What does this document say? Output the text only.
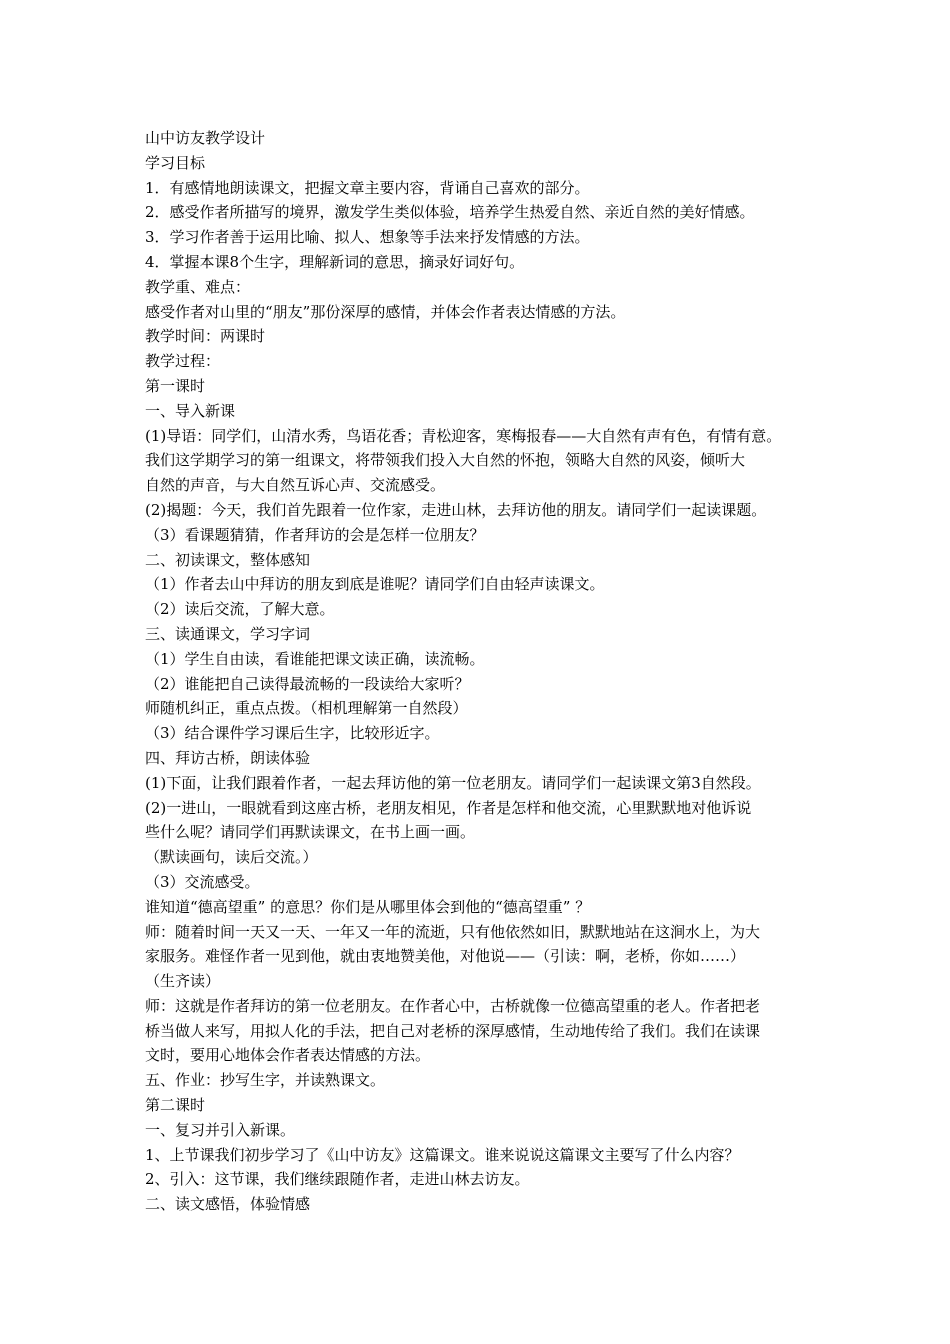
山中访友教学设计
学习目标
1．有感情地朗读课文，把握文章主要内容，背诵自己喜欢的部分。
2．感受作者所描写的境界，激发学生类似体验，培养学生热爱自然、亲近自然的美好情感。
3．学习作者善于运用比喻、拟人、想象等手法来抒发情感的方法。
4．掌握本课8个生字，理解新词的意思，摘录好词好句。
教学重、难点：
感受作者对山里的“朋友”那份深厚的感情，并体会作者表达情感的方法。
教学时间：两课时
教学过程：
第一课时
一、导入新课
(1)导语：同学们，山清水秀，鸟语花香；青松迎客，寒梅报春——大自然有声有色，有情有意。
我们这学期学习的第一组课文，将带领我们投入大自然的怀抱，领略大自然的风姿，倾听大
自然的声音，与大自然互诉心声、交流感受。
(2)揭题：今天，我们首先跟着一位作家，走进山林，去拜访他的朋友。请同学们一起读课题。
（3）看课题猜猜，作者拜访的会是怎样一位朋友？
二、初读课文，整体感知
（1）作者去山中拜访的朋友到底是谁呢？请同学们自由轻声读课文。
（2）读后交流，了解大意。
三、读通课文，学习字词
（1）学生自由读，看谁能把课文读正确，读流畅。
（2）谁能把自己读得最流畅的一段读给大家听？
师随机纠正，重点点拨。（相机理解第一自然段）
（3）结合课件学习课后生字，比较形近字。
四、拜访古桥，朗读体验
(1)下面，让我们跟着作者，一起去拜访他的第一位老朋友。请同学们一起读课文第3自然段。
(2)一进山，一眼就看到这座古桥，老朋友相见，作者是怎样和他交流，心里默默地对他诉说
些什么呢？请同学们再默读课文，在书上画一画。
（默读画句，读后交流。）
（3）交流感受。
谁知道“德高望重” 的意思？你们是从哪里体会到他的“德高望重” ？
师：随着时间一天又一天、一年又一年的流逝，只有他依然如旧，默默地站在这涧水上，为大
家服务。难怪作者一见到他，就由衷地赞美他，对他说——（引读：啊，老桥，你如……）
（生齐读）
师：这就是作者拜访的第一位老朋友。在作者心中，古桥就像一位德高望重的老人。作者把老
桥当做人来写，用拟人化的手法，把自己对老桥的深厚感情，生动地传给了我们。我们在读课
文时，要用心地体会作者表达情感的方法。
五、作业：抄写生字，并读熟课文。
第二课时
一、复习并引入新课。
1、上节课我们初步学习了《山中访友》这篇课文。谁来说说这篇课文主要写了什么内容？
2、引入：这节课，我们继续跟随作者，走进山林去访友。
二、读文感悟，体验情感
